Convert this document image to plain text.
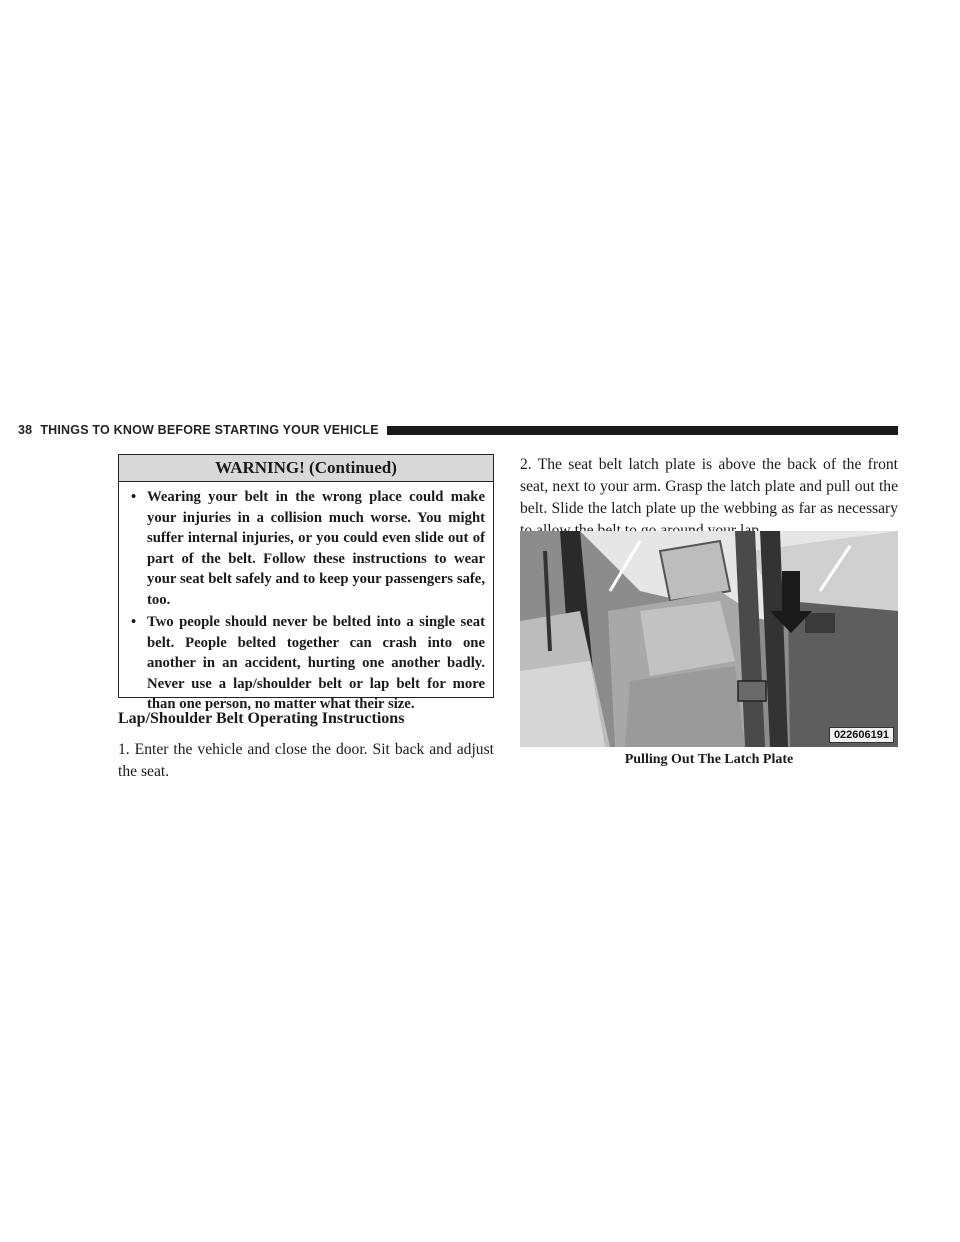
38 THINGS TO KNOW BEFORE STARTING YOUR VEHICLE
WARNING! (Continued)
• Wearing your belt in the wrong place could make your injuries in a collision much worse. You might suffer internal injuries, or you could even slide out of part of the belt. Follow these instructions to wear your seat belt safely and to keep your passengers safe, too.
• Two people should never be belted into a single seat belt. People belted together can crash into one another in an accident, hurting one another badly. Never use a lap/shoulder belt or lap belt for more than one person, no matter what their size.
Lap/Shoulder Belt Operating Instructions

1. Enter the vehicle and close the door. Sit back and adjust the seat.

2. The seat belt latch plate is above the back of the front seat, next to your arm. Grasp the latch plate and pull out the belt. Slide the latch plate up the webbing as far as necessary

022606191
Pulling Out The Latch Plate
